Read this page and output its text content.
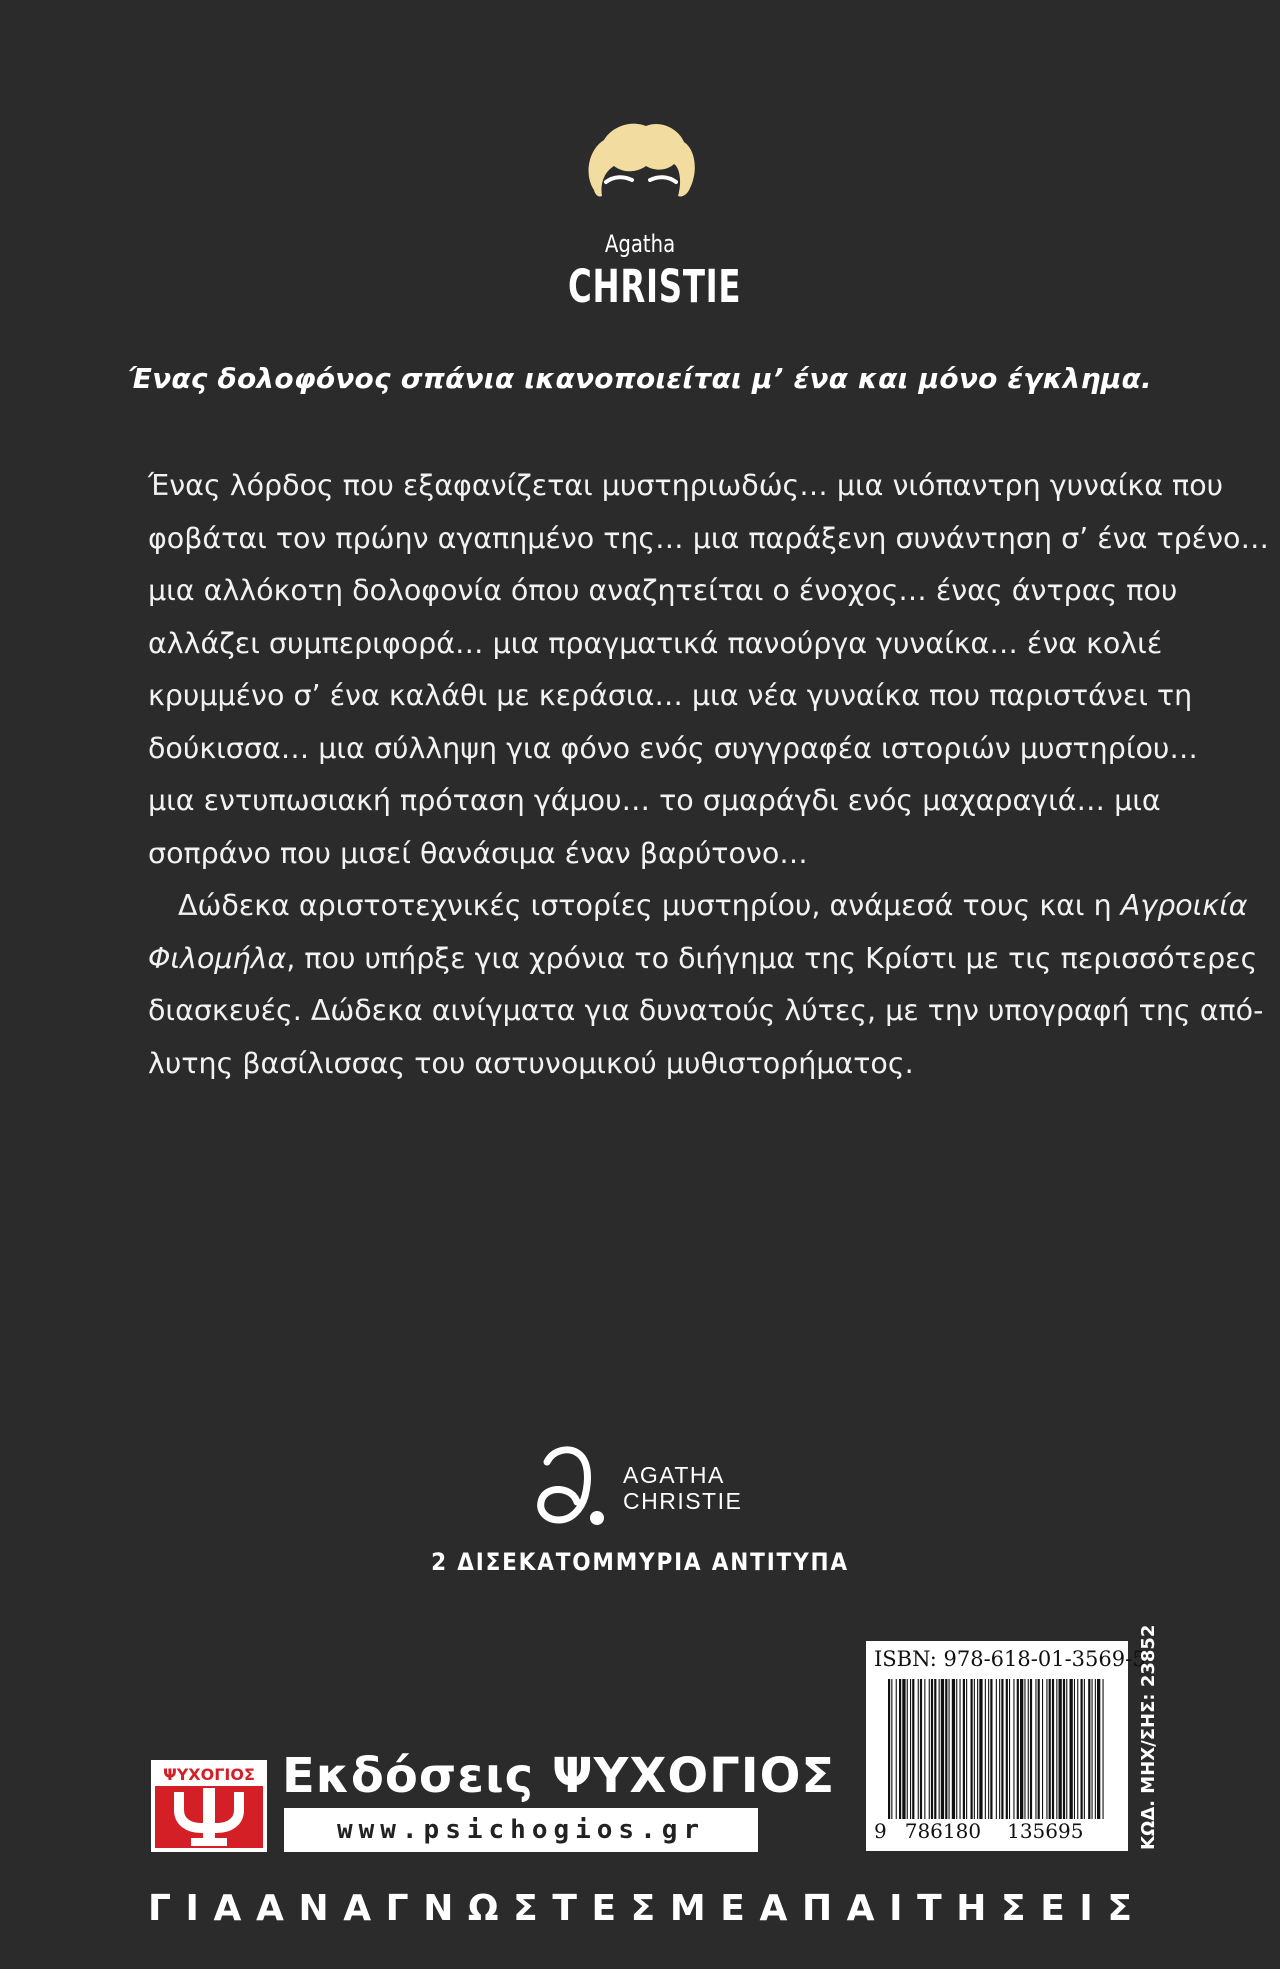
Agatha
CHRISTIE
Ένας δολοφόνος σπάνια ικανοποιείται μ’ ένα και μόνο έγκλημα.

Ένας λόρδος που εξαφανίζεται μυστηριωδώς… μια νιόπαντρη γυναίκα που
φοβάται τον πρώην αγαπημένο της… μια παράξενη συνάντηση σ’ ένα τρένο…
μια αλλόκοτη δολοφονία όπου αναζητείται ο ένοχος… ένας άντρας που
αλλάζει συμπεριφορά… μια πραγματικά πανούργα γυναίκα… ένα κολιέ
κρυμμένο σ’ ένα καλάθι με κεράσια… μια νέα γυναίκα που παριστάνει τη
δούκισσα… μια σύλληψη για φόνο ενός συγγραφέα ιστοριών μυστηρίου…
μια εντυπωσιακή πρόταση γάμου… το σμαράγδι ενός μαχαραγιά… μια
σοπράνο που μισεί θανάσιμα έναν βαρύτονο…

Δώδεκα αριστοτεχνικές ιστορίες μυστηρίου, ανάμεσά τους και η Αγροικία
Φιλομήλα, που υπήρξε για χρόνια το διήγημα της Κρίστι με τις περισσότερες
διασκευές. Δώδεκα αινίγματα για δυνατούς λύτες, με την υπογραφή της από-
λυτης βασίλισσας του αστυνομικού μυθιστορήματος.

AGATHA
CHRISTIE
2 ΔΙΣΕΚΑΤΟΜΜΥΡΙΑ ΑΝΤΙΤΥΠΑ
ΨΥΧΟΓΙΟΣ Εκδόσεις ΨΥΧΟΓΙΟΣ
www.psichogios.gr
ISBN: 978-618-01-3569-5
9 786180 135695	ΚΩΔ. ΜΗΧ/ΣΗΣ: 23852
Γ Ι Α Α Ν Α Γ Ν Ω Σ Τ Ε Σ Μ Ε Α Π Α Ι Τ Η Σ Ε Ι Σ
